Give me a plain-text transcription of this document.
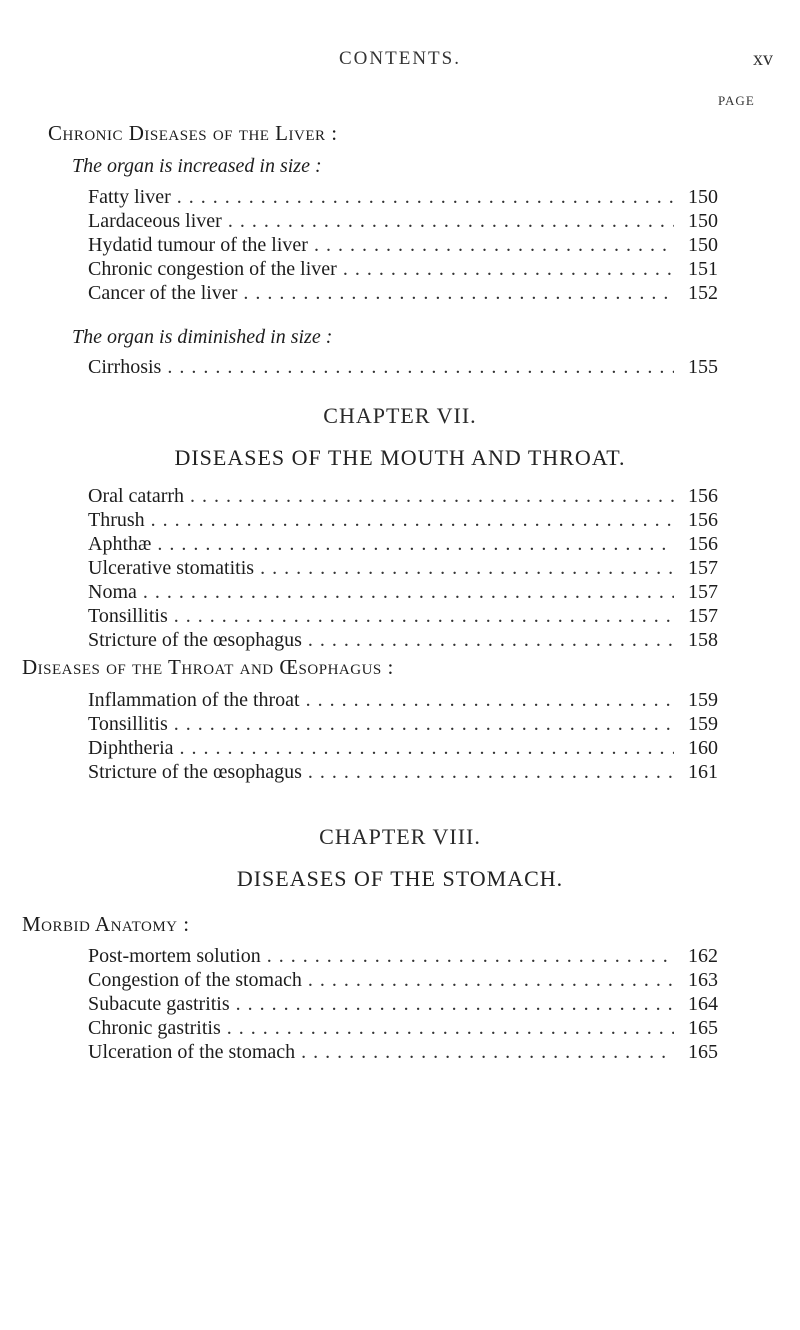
CONTENTS.	xv
PAGE
Chronic Diseases of the Liver :
The organ is increased in size :
Fatty liver . . .	150
Lardaceous liver . . .	150
Hydatid tumour of the liver . . .	150
Chronic congestion of the liver . . .	151
Cancer of the liver . . .	152
The organ is diminished in size :
Cirrhosis . . .	155
CHAPTER VII.
DISEASES OF THE MOUTH AND THROAT.
Oral catarrh . . .	156
Thrush . . .	156
Aphthæ . . .	156
Ulcerative stomatitis . . .	157
Noma . . .	157
Tonsillitis . . .	157
Stricture of the œsophagus . . .	158
Diseases of the Throat and Œsophagus :
Inflammation of the throat . . .	159
Tonsillitis . . .	159
Diphtheria . . .	160
Stricture of the œsophagus . . .	161
CHAPTER VIII.
DISEASES OF THE STOMACH.
Morbid Anatomy :
Post-mortem solution . . .	162
Congestion of the stomach . . .	163
Subacute gastritis . . .	164
Chronic gastritis . . .	165
Ulceration of the stomach . . .	165
